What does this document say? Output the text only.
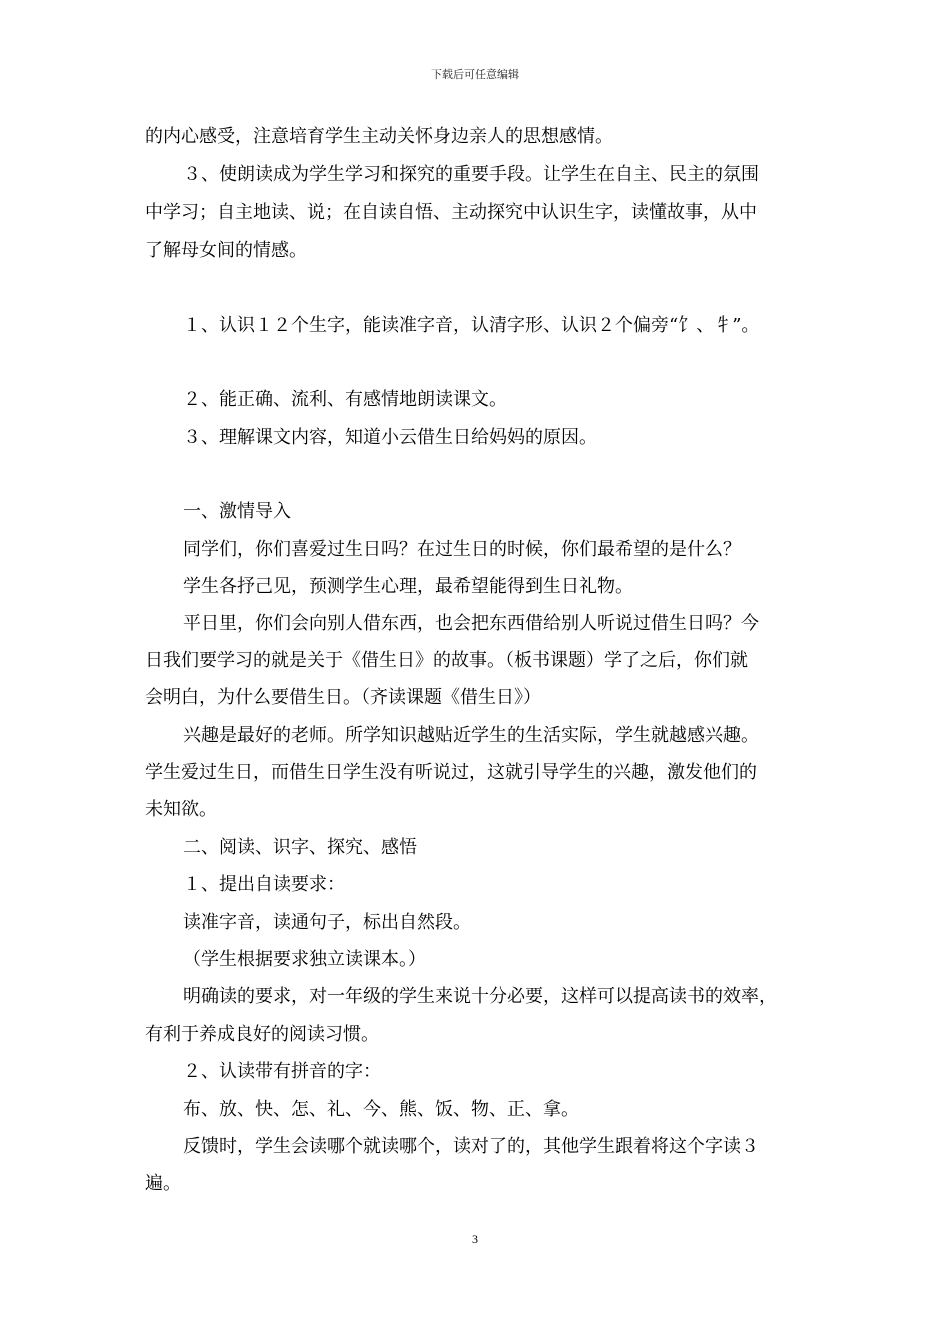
下载后可任意编辑
的内心感受，注意培育学生主动关怀身边亲人的思想感情。
３、使朗读成为学生学习和探究的重要手段。让学生在自主、民主的氛围
中学习；自主地读、说；在自读自悟、主动探究中认识生字，读懂故事，从中
了解母女间的情感。
１、认识１２个生字，能读准字音，认清字形、认识２个偏旁“饣、牜”。
２、能正确、流利、有感情地朗读课文。
３、理解课文内容，知道小云借生日给妈妈的原因。
一、激情导入
同学们，你们喜爱过生日吗？在过生日的时候，你们最希望的是什么？
学生各抒己见，预测学生心理，最希望能得到生日礼物。
平日里，你们会向别人借东西，也会把东西借给别人听说过借生日吗？今
日我们要学习的就是关于《借生日》的故事。（板书课题）学了之后，你们就
会明白，为什么要借生日。（齐读课题《借生日》）
兴趣是最好的老师。所学知识越贴近学生的生活实际，学生就越感兴趣。
学生爱过生日，而借生日学生没有听说过，这就引导学生的兴趣，激发他们的
未知欲。
二、阅读、识字、探究、感悟
１、提出自读要求：
读准字音，读通句子，标出自然段。
（学生根据要求独立读课本。）
明确读的要求，对一年级的学生来说十分必要，这样可以提高读书的效率，
有利于养成良好的阅读习惯。
２、认读带有拼音的字：
布、放、快、怎、礼、今、熊、饭、物、正、拿。
反馈时，学生会读哪个就读哪个，读对了的，其他学生跟着将这个字读３
遍。
3
